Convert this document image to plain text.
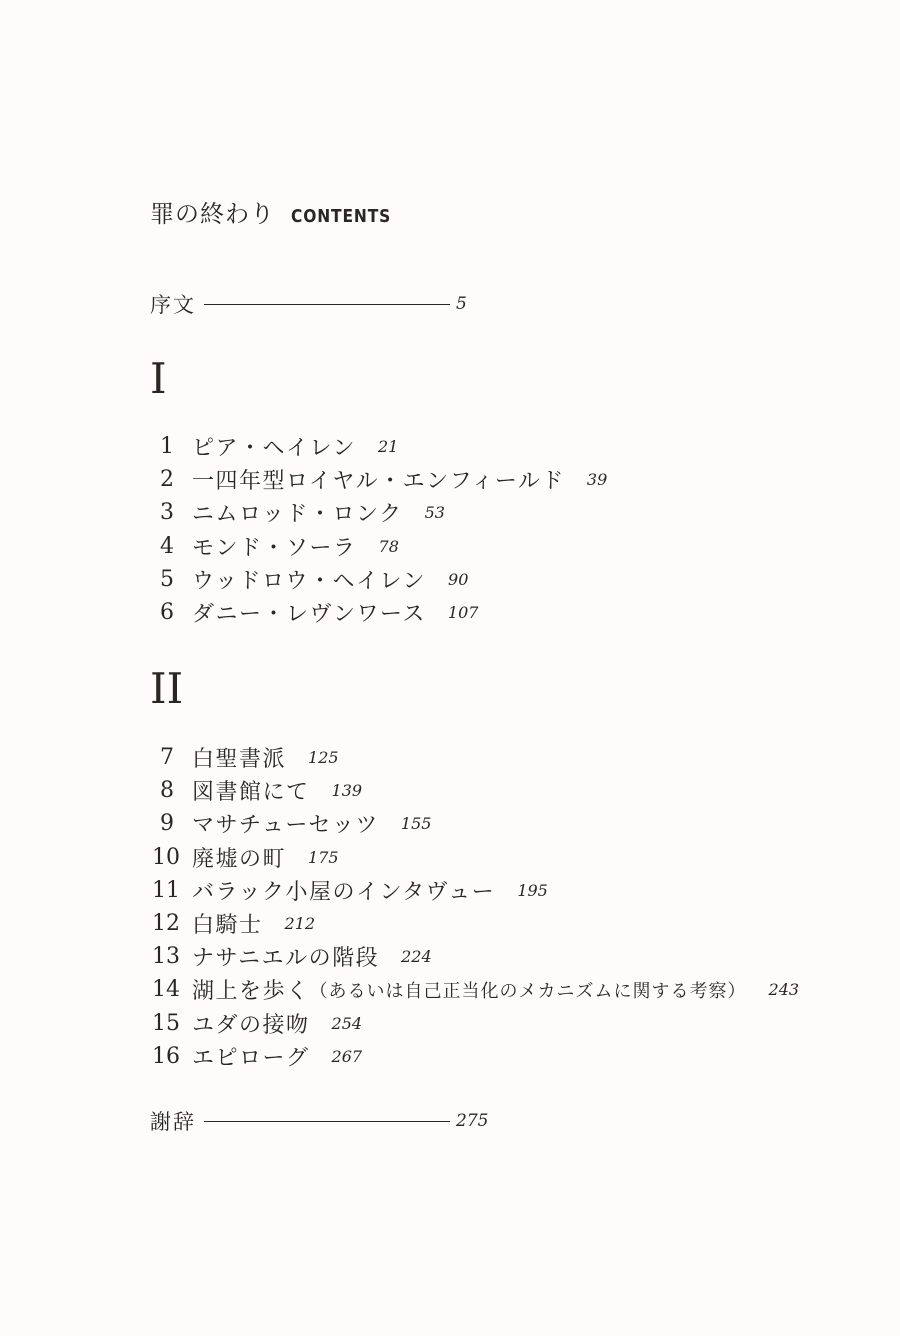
罪の終わり CONTENTS
序文	5
I
1 ピア・ヘイレン 21
2 一四年型ロイヤル・エンフィールド 39
3 ニムロッド・ロンク 53
4 モンド・ソーラ 78
5 ウッドロウ・ヘイレン 90
6 ダニー・レヴンワース 107
II
7 白聖書派 125
8 図書館にて 139
9 マサチューセッツ 155
10 廃墟の町 175
11 バラック小屋のインタヴュー 195
12 白騎士 212
13 ナサニエルの階段 224
14 湖上を歩く （あるいは自己正当化のメカニズムに関する考察） 243
15 ユダの接吻 254
16 エピローグ 267
謝辞	275
